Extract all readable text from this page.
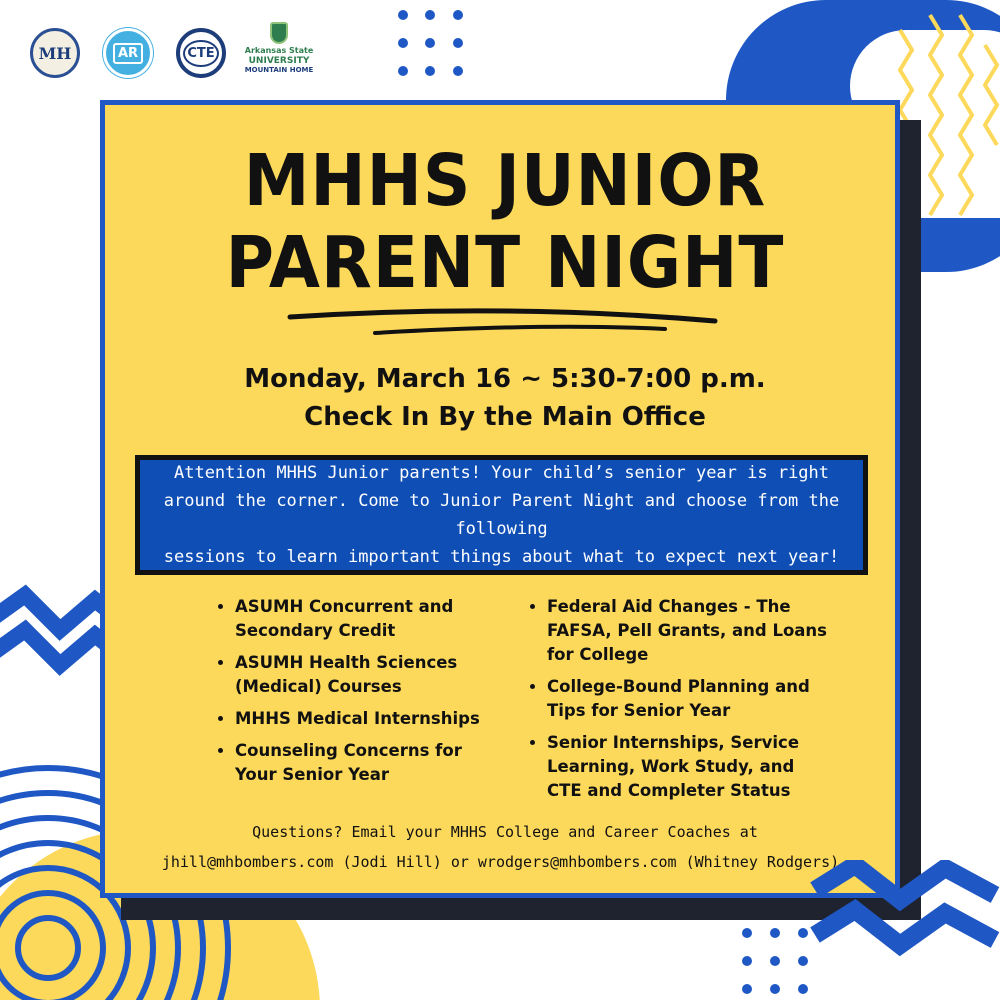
MH	AR	CTE	Arkansas State
UNIVERSITY
MOUNTAIN HOME
MHHS JUNIOR
PARENT NIGHT
Monday, March 16 ~ 5:30-7:00 p.m.
Check In By the Main Office

Attention MHHS Junior parents! Your child’s senior year is right
around the corner. Come to Junior Parent Night and choose from the following
sessions to learn important things about what to expect next year!

• ASUMH Concurrent and Secondary Credit
• ASUMH Health Sciences (Medical) Courses
• MHHS Medical Internships
• Counseling Concerns for Your Senior Year
• Federal Aid Changes - The FAFSA, Pell Grants, and Loans for College
• College-Bound Planning and Tips for Senior Year
• Senior Internships, Service Learning, Work Study, and CTE and Completer Status
Questions? Email your MHHS College and Career Coaches at
jhill@mhbombers.com (Jodi Hill) or wrodgers@mhbombers.com (Whitney Rodgers).
